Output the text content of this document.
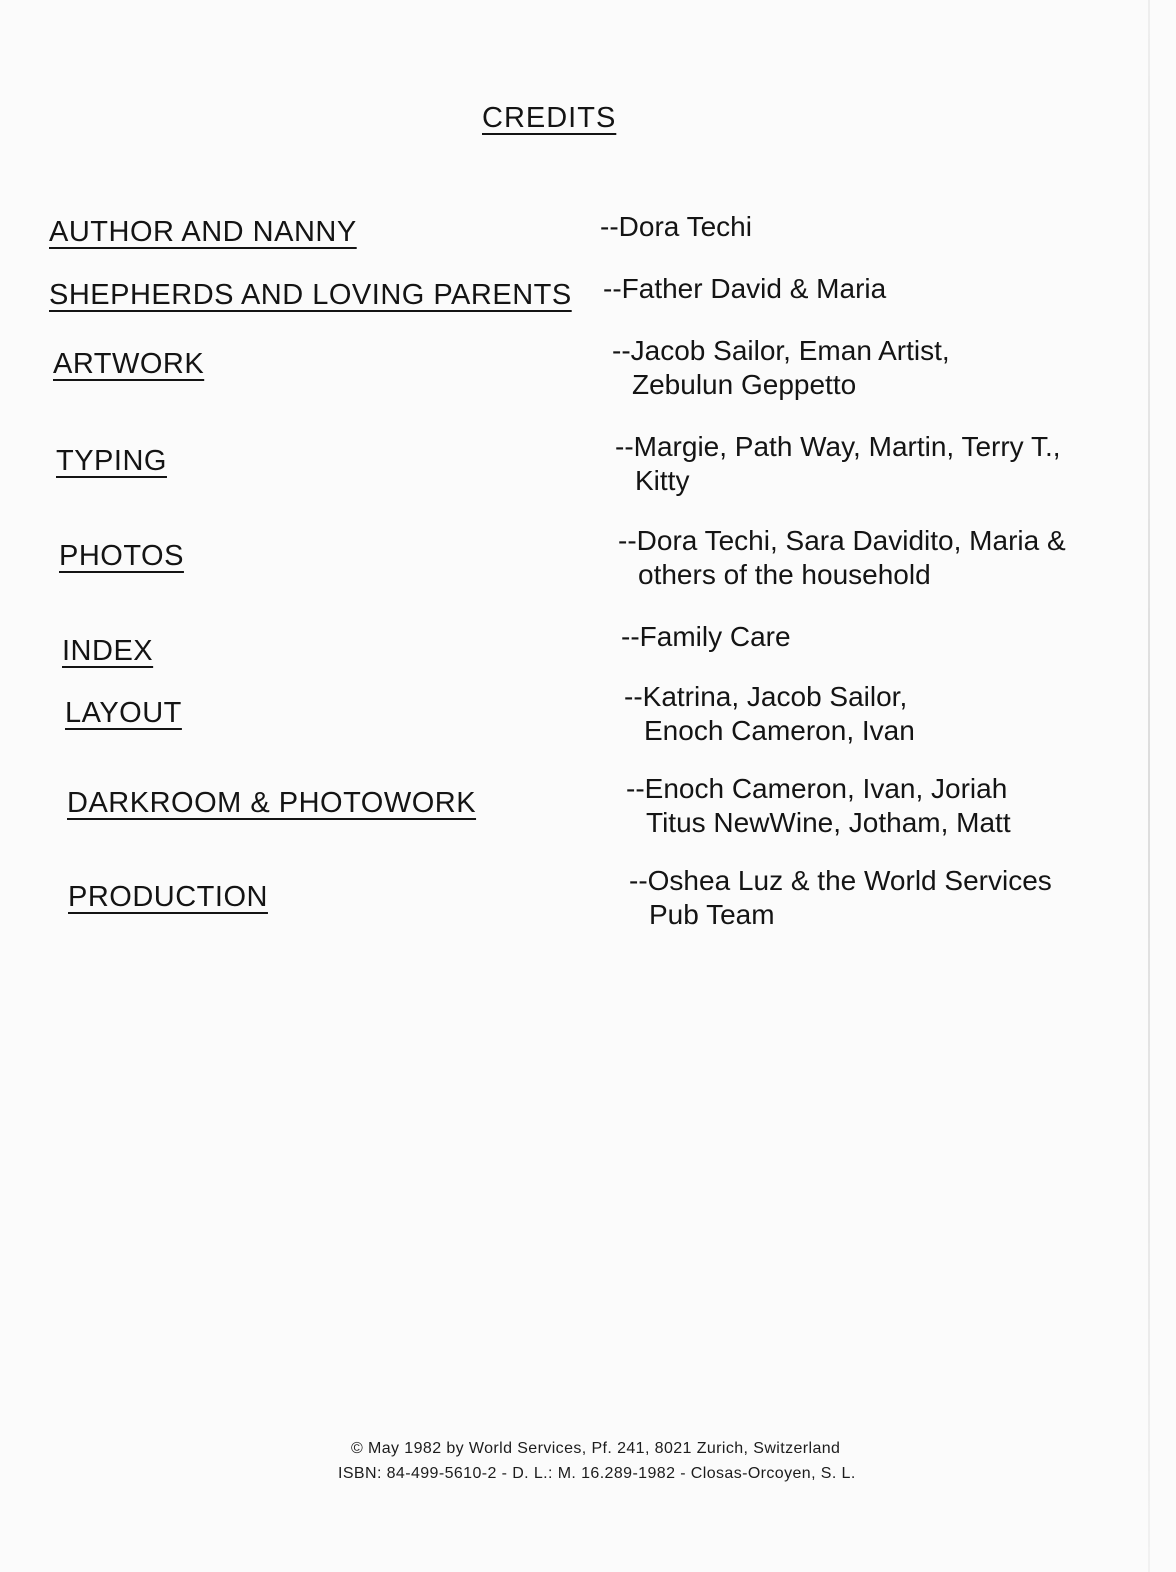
CREDITS
AUTHOR AND NANNY	--Dora Techi
SHEPHERDS AND LOVING PARENTS --Father David & Maria
ARTWORK	--Jacob Sailor, Eman Artist,
Zebulun Geppetto
TYPING	--Margie, Path Way, Martin, Terry T.,
Kitty
PHOTOS	--Dora Techi, Sara Davidito, Maria &
others of the household
INDEX	--Family Care
LAYOUT
--Katrina, Jacob Sailor,
Enoch Cameron, Ivan
DARKROOM & PHOTOWORK	--Enoch Cameron, Ivan, Joriah
Titus NewWine, Jotham, Matt
PRODUCTION
--Oshea Luz & the World Services
Pub Team
© May 1982 by World Services, Pf. 241, 8021 Zurich, Switzerland
ISBN: 84-499-5610-2 - D. L.: M. 16.289-1982 - Closas-Orcoyen, S. L.
